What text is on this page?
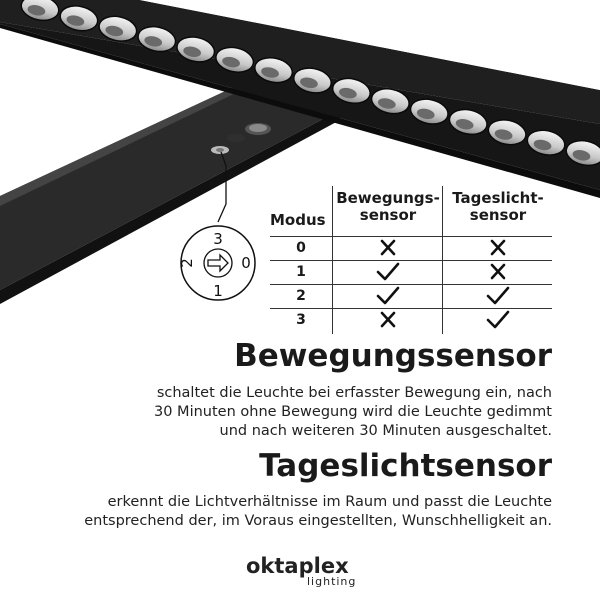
3
1
0
2
Modus
Bewegungs-
sensor
Tageslicht-
sensor
0
1
2
3
Bewegungssensor

schaltet die Leuchte bei erfasster Bewegung ein, nach

30 Minuten ohne Bewegung wird die Leuchte gedimmt

und nach weiteren 30 Minuten ausgeschaltet.

Tageslichtsensor

erkennt die Lichtverhältnisse im Raum und passt die Leuchte

entsprechend der, im Voraus eingestellten, Wunschhelligkeit an.

oktaplex
lighting
